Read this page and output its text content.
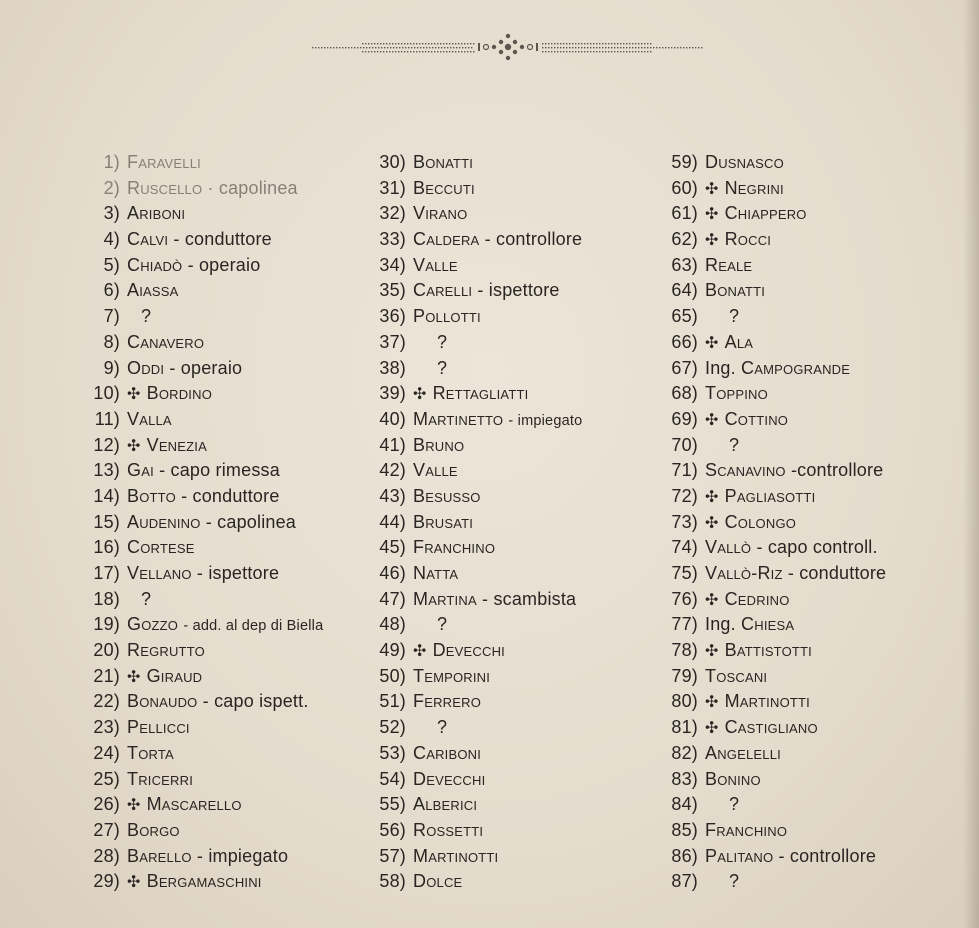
1) Faravelli
2) Ruscello · capolinea
3) Ariboni
4) Calvi - conduttore
5) Chiadò - operaio
6) Aiassa
7) ?
8) Canavero
9) Oddi - operaio
10) ✣ Bordino
11) Valla
12) ✣ Venezia
13) Gai - capo rimessa
14) Botto - conduttore
15) Audenino - capolinea
16) Cortese
17) Vellano - ispettore
18) ?
19) Gozzo - add. al dep di Biella
20) Regrutto
21) ✣ Giraud
22) Bonaudo - capo ispett.
23) Pellicci
24) Torta
25) Tricerri
26) ✣ Mascarello
27) Borgo
28) Barello - impiegato
29) ✣ Bergamaschini
30) Bonatti
31) Beccuti
32) Virano
33) Caldera - controllore
34) Valle
35) Carelli - ispettore
36) Pollotti
37) ?
38) ?
39) ✣ Rettagliatti
40) Martinetto - impiegato
41) Bruno
42) Valle
43) Besusso
44) Brusati
45) Franchino
46) Natta
47) Martina - scambista
48) ?
49) ✣ Devecchi
50) Temporini
51) Ferrero
52) ?
53) Cariboni
54) Devecchi
55) Alberici
56) Rossetti
57) Martinotti
58) Dolce
59) Dusnasco
60) ✣ Negrini
61) ✣ Chiappero
62) ✣ Rocci
63) Reale
64) Bonatti
65) ?
66) ✣ Ala
67) Ing. Campogrande
68) Toppino
69) ✣ Cottino
70) ?
71) Scanavino -controllore
72) ✣ Pagliasotti
73) ✣ Colongo
74) Vallò - capo controll.
75) Vallò-Riz - conduttore
76) ✣ Cedrino
77) Ing. Chiesa
78) ✣ Battistotti
79) Toscani
80) ✣ Martinotti
81) ✣ Castigliano
82) Angelelli
83) Bonino
84) ?
85) Franchino
86) Palitano - controllore
87) ?
